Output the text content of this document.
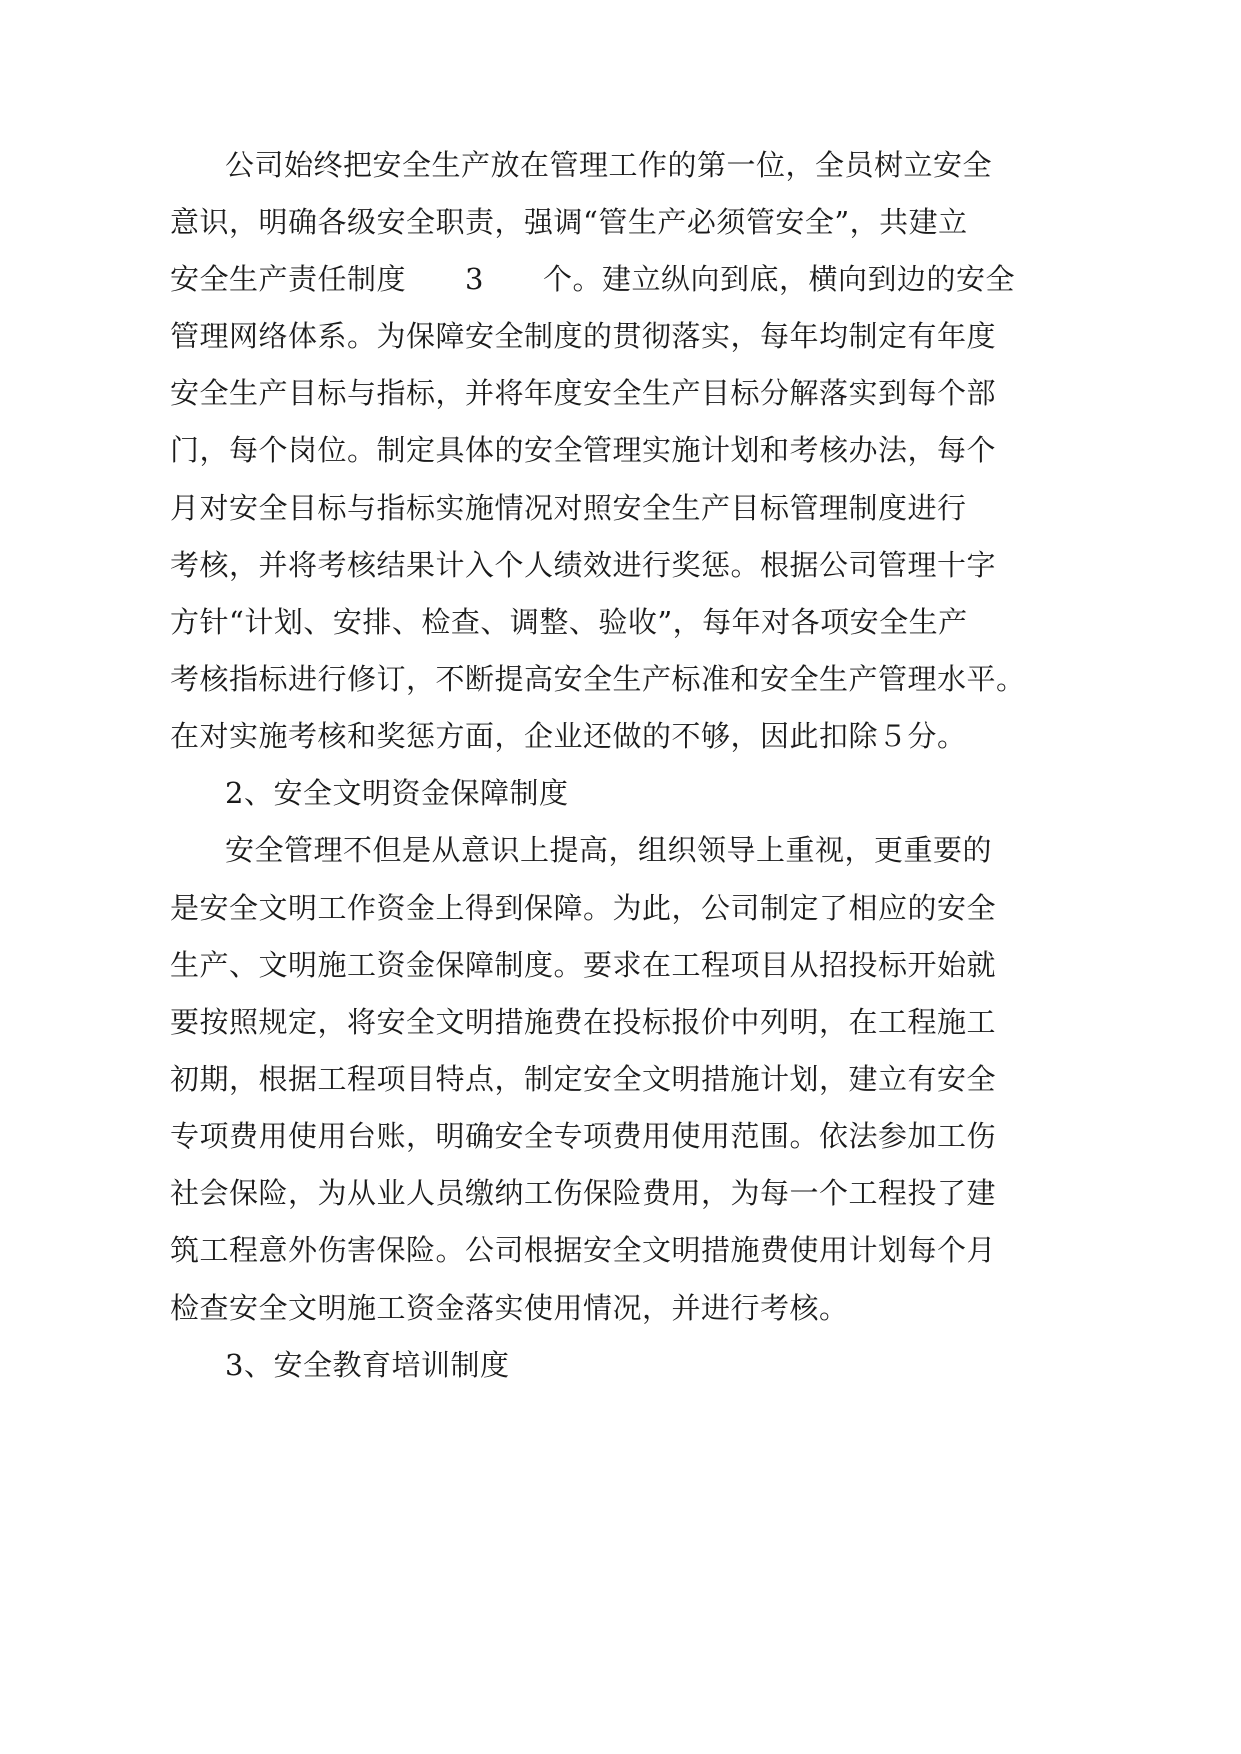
公司始终把安全生产放在管理工作的第一位，全员树立安全
意识，明确各级安全职责，强调“管生产必须管安全”，共建立
安全生产责任制度　　3　　个。建立纵向到底，横向到边的安全
管理网络体系。为保障安全制度的贯彻落实，每年均制定有年度
安全生产目标与指标，并将年度安全生产目标分解落实到每个部
门，每个岗位。制定具体的安全管理实施计划和考核办法，每个
月对安全目标与指标实施情况对照安全生产目标管理制度进行
考核，并将考核结果计入个人绩效进行奖惩。根据公司管理十字
方针“计划、安排、检查、调整、验收”，每年对各项安全生产
考核指标进行修订，不断提高安全生产标准和安全生产管理水平。
在对实施考核和奖惩方面，企业还做的不够，因此扣除５分。
2、安全文明资金保障制度
安全管理不但是从意识上提高，组织领导上重视，更重要的
是安全文明工作资金上得到保障。为此，公司制定了相应的安全
生产、文明施工资金保障制度。要求在工程项目从招投标开始就
要按照规定，将安全文明措施费在投标报价中列明，在工程施工
初期，根据工程项目特点，制定安全文明措施计划，建立有安全
专项费用使用台账，明确安全专项费用使用范围。依法参加工伤
社会保险，为从业人员缴纳工伤保险费用，为每一个工程投了建
筑工程意外伤害保险。公司根据安全文明措施费使用计划每个月
检查安全文明施工资金落实使用情况，并进行考核。
3、安全教育培训制度
